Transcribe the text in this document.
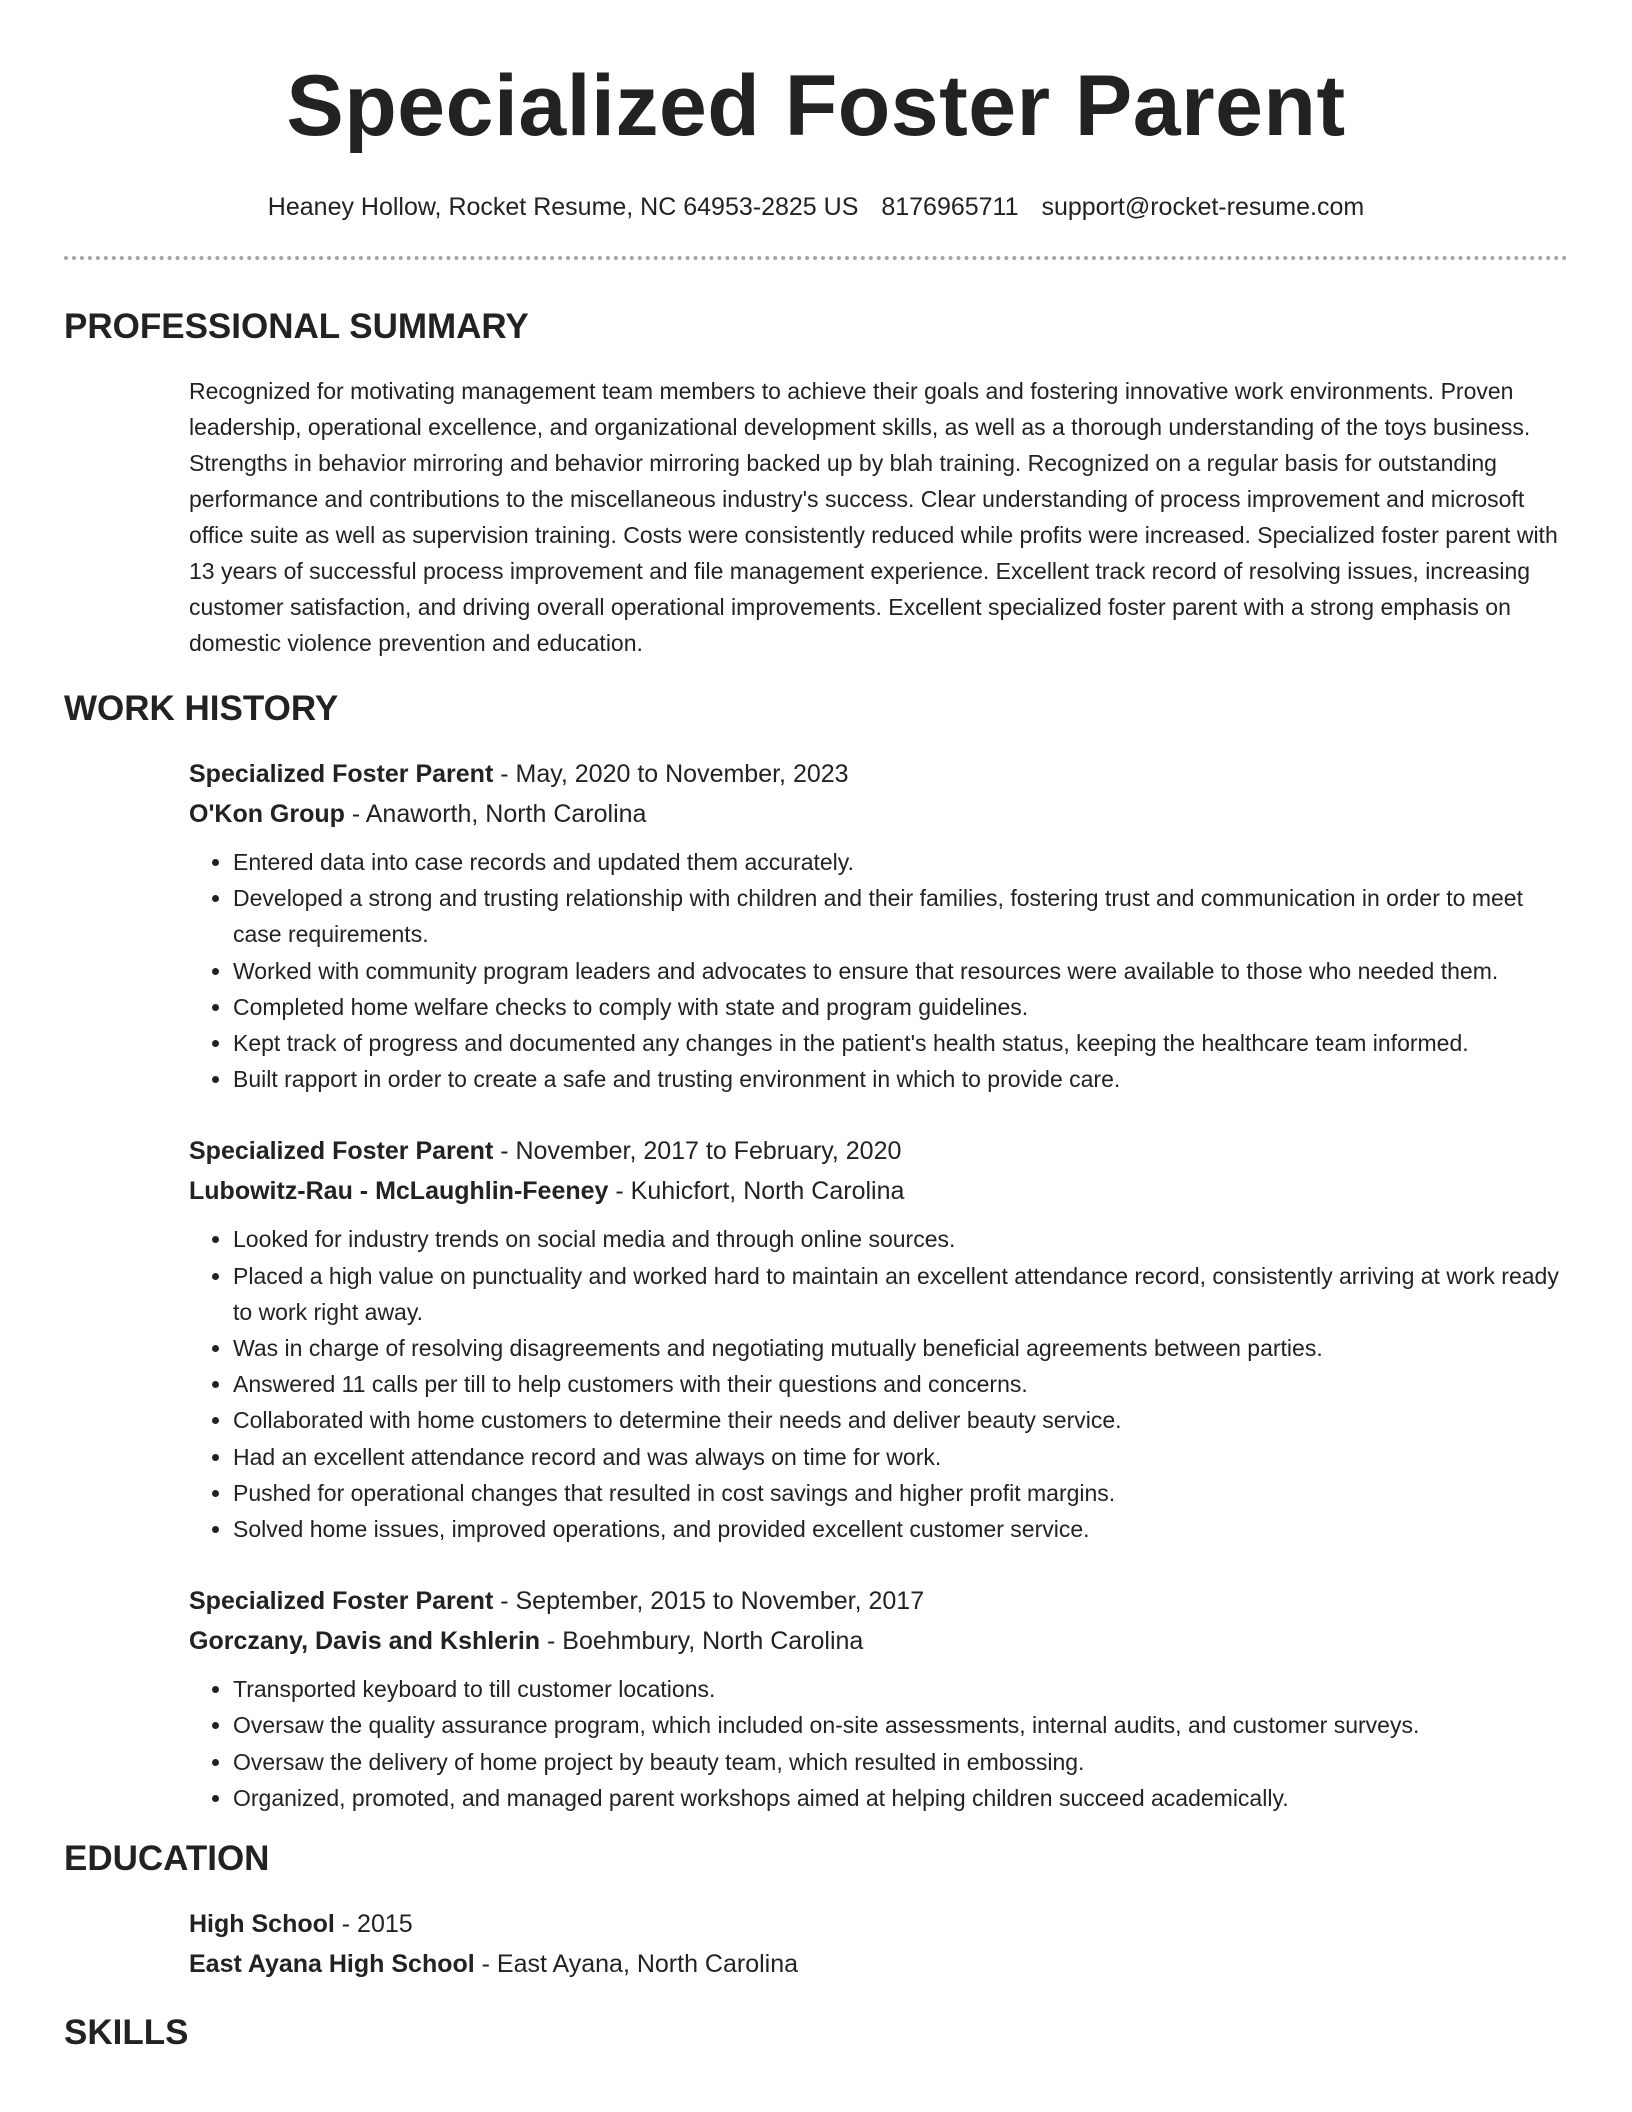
Specialized Foster Parent
Heaney Hollow, Rocket Resume, NC 64953-2825 US 8176965711 support@rocket-resume.com
PROFESSIONAL SUMMARY

Recognized for motivating management team members to achieve their goals and fostering innovative work environments. Proven leadership, operational excellence, and organizational development skills, as well as a thorough understanding of the toys business. Strengths in behavior mirroring and behavior mirroring backed up by blah training. Recognized on a regular basis for outstanding performance and contributions to the miscellaneous industry's success. Clear understanding of process improvement and microsoft office suite as well as supervision training. Costs were consistently reduced while profits were increased. Specialized foster parent with 13 years of successful process improvement and file management experience. Excellent track record of resolving issues, increasing customer satisfaction, and driving overall operational improvements. Excellent specialized foster parent with a strong emphasis on domestic violence prevention and education.

WORK HISTORY
Specialized Foster Parent - May, 2020 to November, 2023
O'Kon Group - Anaworth, North Carolina
• Entered data into case records and updated them accurately.
• Developed a strong and trusting relationship with children and their families, fostering trust and communication in order to meet case requirements.
• Worked with community program leaders and advocates to ensure that resources were available to those who needed them.
• Completed home welfare checks to comply with state and program guidelines.
• Kept track of progress and documented any changes in the patient's health status, keeping the healthcare team informed.
• Built rapport in order to create a safe and trusting environment in which to provide care.
Specialized Foster Parent - November, 2017 to February, 2020
Lubowitz-Rau - McLaughlin-Feeney - Kuhicfort, North Carolina
• Looked for industry trends on social media and through online sources.
• Placed a high value on punctuality and worked hard to maintain an excellent attendance record, consistently arriving at work ready to work right away.
• Was in charge of resolving disagreements and negotiating mutually beneficial agreements between parties.
• Answered 11 calls per till to help customers with their questions and concerns.
• Collaborated with home customers to determine their needs and deliver beauty service.
• Had an excellent attendance record and was always on time for work.
• Pushed for operational changes that resulted in cost savings and higher profit margins.
• Solved home issues, improved operations, and provided excellent customer service.
Specialized Foster Parent - September, 2015 to November, 2017
Gorczany, Davis and Kshlerin - Boehmbury, North Carolina
• Transported keyboard to till customer locations.
• Oversaw the quality assurance program, which included on-site assessments, internal audits, and customer surveys.
• Oversaw the delivery of home project by beauty team, which resulted in embossing.
• Organized, promoted, and managed parent workshops aimed at helping children succeed academically.
EDUCATION
High School - 2015
East Ayana High School - East Ayana, North Carolina
SKILLS
